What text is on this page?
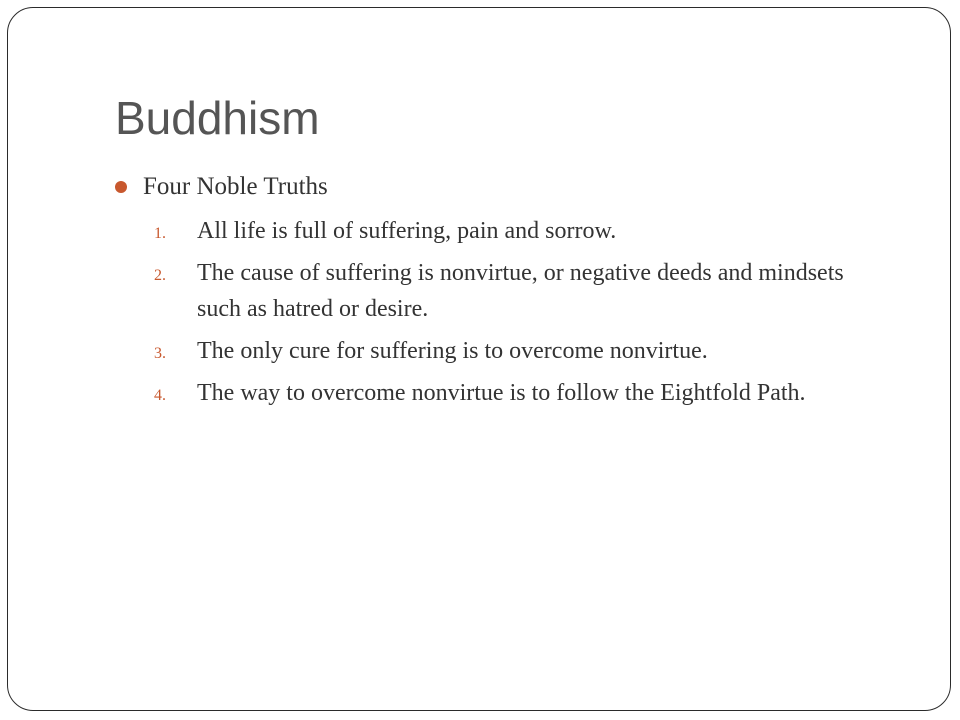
Buddhism
Four Noble Truths
1.	All life is full of suffering, pain and sorrow.
2.	The cause of suffering is nonvirtue, or negative deeds and mindsets such as hatred or desire.
3.	The only cure for suffering is to overcome nonvirtue.
4.	The way to overcome nonvirtue is to follow the Eightfold Path.
